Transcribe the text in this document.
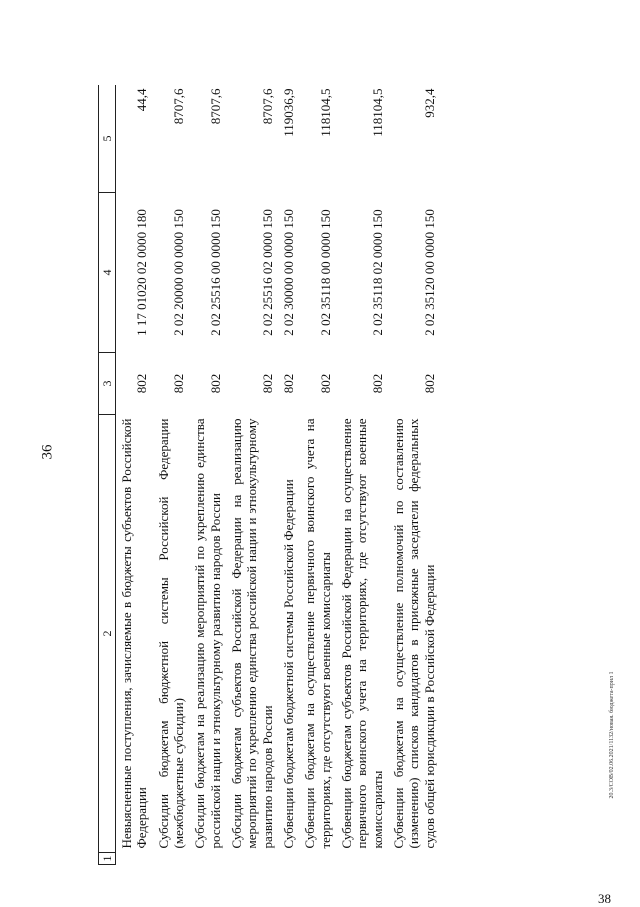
36
1	2	3	4	5
	Невыясненные поступления, зачисляемые в бюджеты субъектов Российской Федерации	802	1 17 01020 02 0000 180	44,4
	Субсидии бюджетам бюджетной системы Российской Федерации (межбюджетные субсидии)	802	2 02 20000 00 0000 150	8707,6
	Субсидии бюджетам на реализацию мероприятий по укреплению единства российской нации и этнокультурному развитию народов России	802	2 02 25516 00 0000 150	8707,6
	Субсидии бюджетам субъектов Российской Федерации на реализацию мероприятий по укреплению единства российской нации и этнокультурному развитию народов России	802	2 02 25516 02 0000 150	8707,6
	Субвенции бюджетам бюджетной системы Российской Федерации	802	2 02 30000 00 0000 150	119036,9
	Субвенции бюджетам на осуществление первичного воинского учета на территориях, где отсутствуют военные комиссариаты	802	2 02 35118 00 0000 150	118104,5
	Субвенции бюджетам субъектов Российской Федерации на осуществление первичного воинского учета на территориях, где отсутствуют военные комиссариаты	802	2 02 35118 02 0000 150	118104,5
	Субвенции бюджетам на осуществление полномочий по составлению (изменению) списков кандидатов в присяжные заседатели федеральных судов общей юрисдикции в Российской Федерации	802	2 02 35120 00 0000 150	932,4
20.3/СОВ/02.06.2021/1132/новая. бюджета-прил 1
38
